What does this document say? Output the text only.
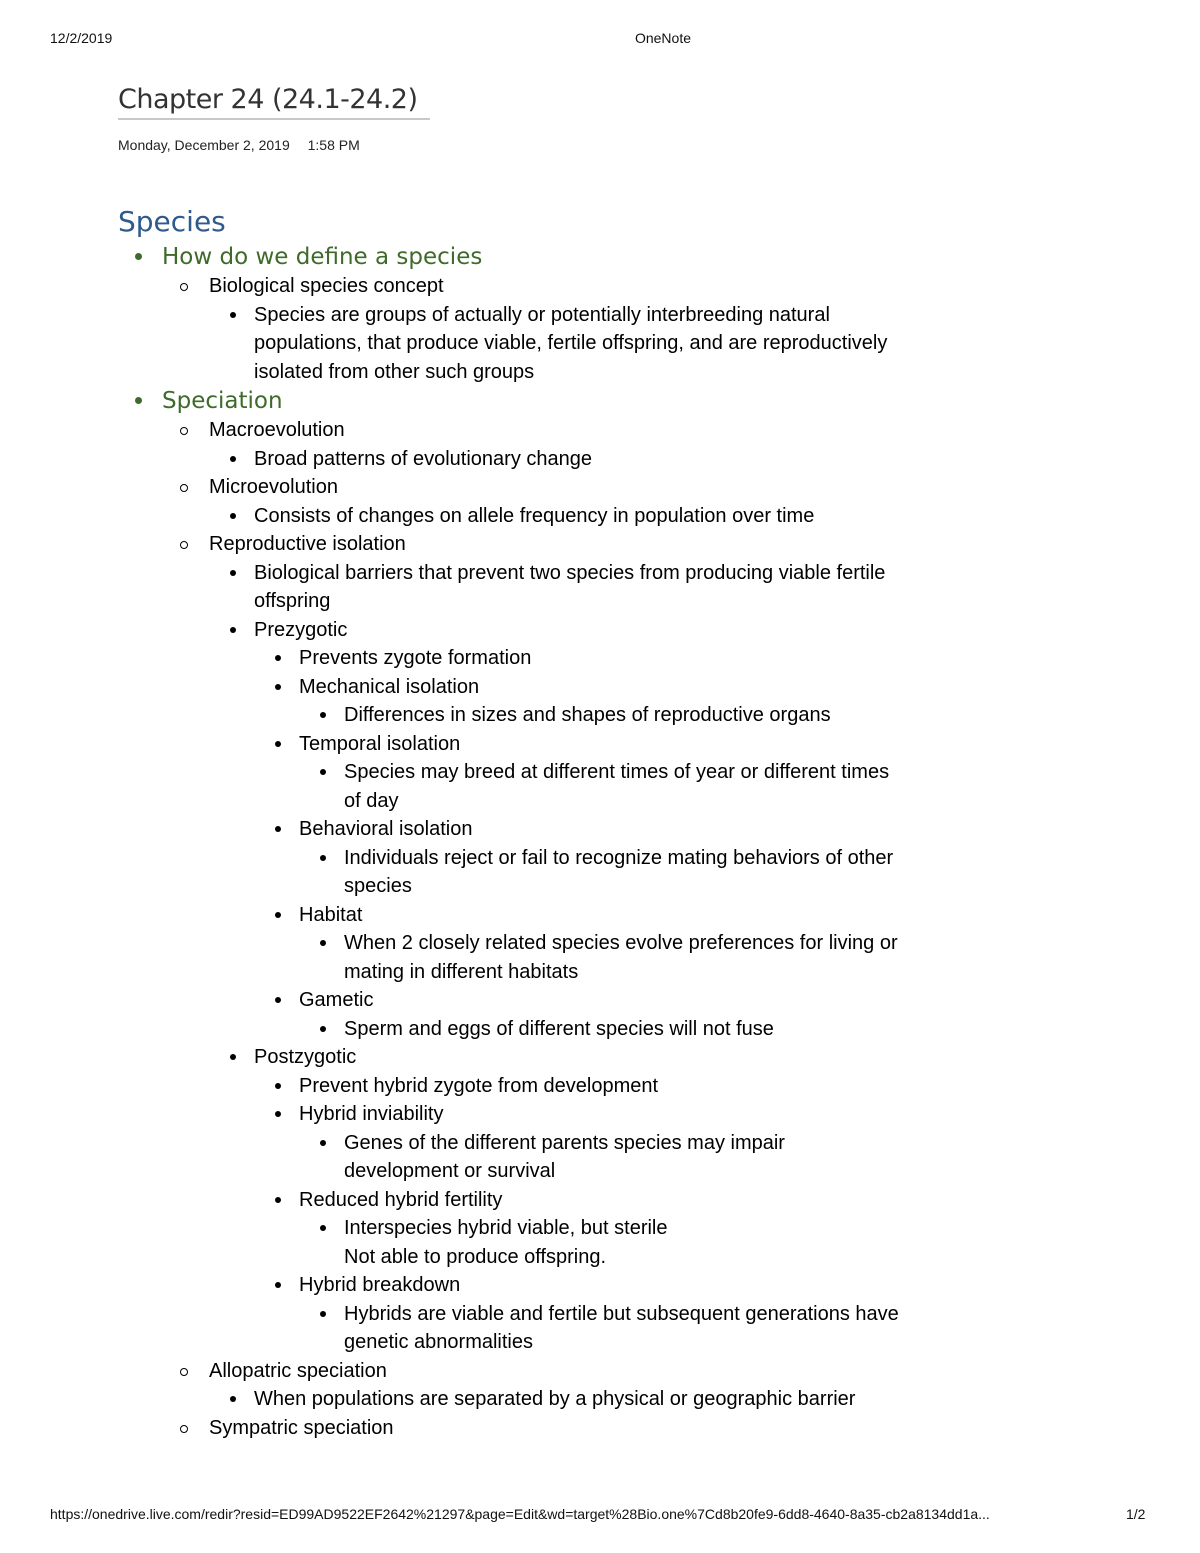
12/2/2019	OneNote
Chapter 24 (24.1-24.2)
Monday, December 2, 2019 1:58 PM
Species
How do we define a species
Biological species concept
Species are groups of actually or potentially interbreeding natural populations, that produce viable, fertile offspring, and are reproductively isolated from other such groups
Speciation
Macroevolution
Broad patterns of evolutionary change
Microevolution
Consists of changes on allele frequency in population over time
Reproductive isolation
Biological barriers that prevent two species from producing viable fertile offspring
Prezygotic
Prevents zygote formation
Mechanical isolation
Differences in sizes and shapes of reproductive organs
Temporal isolation
Species may breed at different times of year or different times of day
Behavioral isolation
Individuals reject or fail to recognize mating behaviors of other species
Habitat
When 2 closely related species evolve preferences for living or mating in different habitats
Gametic
Sperm and eggs of different species will not fuse
Postzygotic
Prevent hybrid zygote from development
Hybrid inviability
Genes of the different parents species may impair development or survival
Reduced hybrid fertility
Interspecies hybrid viable, but sterile
Not able to produce offspring.
Hybrid breakdown
Hybrids are viable and fertile but subsequent generations have genetic abnormalities
Allopatric speciation
When populations are separated by a physical or geographic barrier
Sympatric speciation
https://onedrive.live.com/redir?resid=ED99AD9522EF2642%21297&page=Edit&wd=target%28Bio.one%7Cd8b20fe9-6dd8-4640-8a35-cb2a8134dd1a...	1/2
